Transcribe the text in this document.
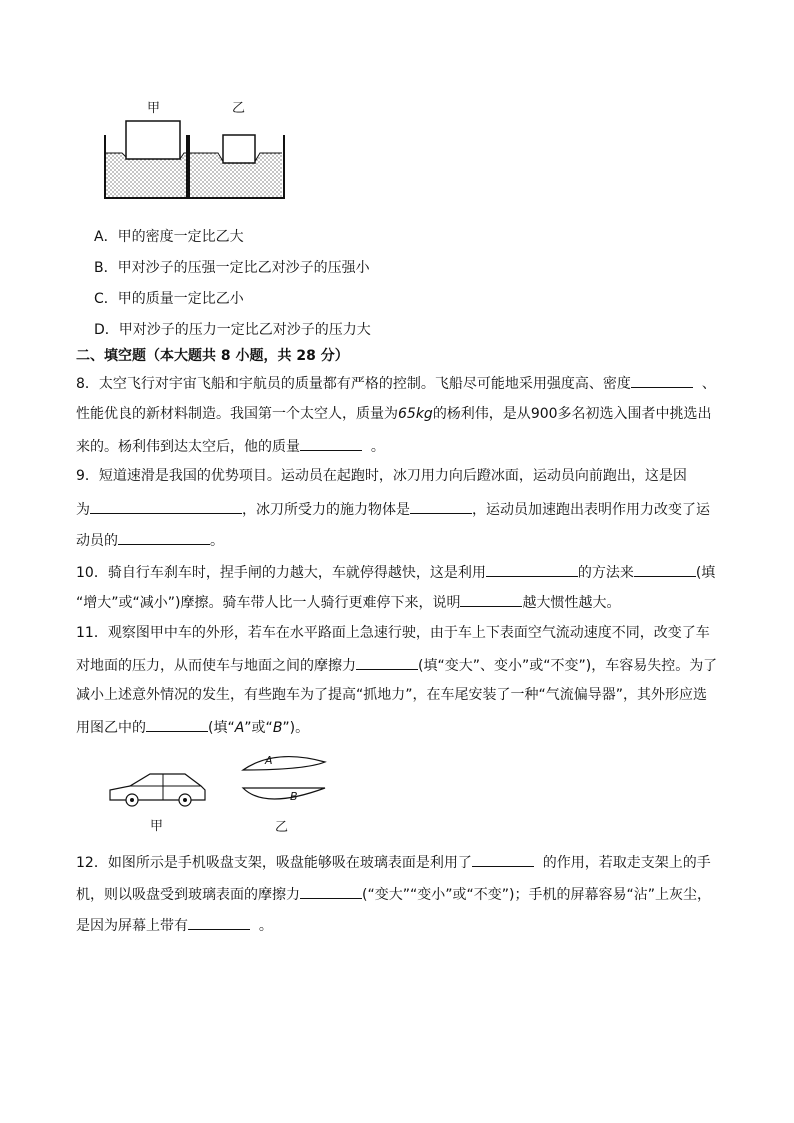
甲	乙
A．甲的密度一定比乙大
B．甲对沙子的压强一定比乙对沙子的压强小
C．甲的质量一定比乙小
D．甲对沙子的压力一定比乙对沙子的压力大
二、填空题（本大题共 8 小题，共 28 分）
8．太空飞行对宇宙飞船和宇航员的质量都有严格的控制。飞船尽可能地采用强度高、密度	、
性能优良的新材料制造。我国第一个太空人，质量为65kg的杨利伟，是从900多名初选入围者中挑选出
来的。杨利伟到达太空后，他的质量	。
9．短道速滑是我国的优势项目。运动员在起跑时，冰刀用力向后蹬冰面，运动员向前跑出，这是因
为	，冰刀所受力的施力物体是	，运动员加速跑出表明作用力改变了运
动员的	。
10．骑自行车刹车时，捏手闸的力越大，车就停得越快，这是利用	的方法来	(填
“增大”或“减小”)摩擦。骑车带人比一人骑行更难停下来，说明	越大惯性越大。
11．观察图甲中车的外形，若车在水平路面上急速行驶，由于车上下表面空气流动速度不同，改变了车
对地面的压力，从而使车与地面之间的摩擦力	(填“变大”、变小”或“不变”)，车容易失控。为了
减小上述意外情况的发生，有些跑车为了提高“抓地力”，在车尾安装了一种“气流偏导器”，其外形应选
用图乙中的	(填“A”或“B”)。
A
B
甲	乙
12．如图所示是手机吸盘支架，吸盘能够吸在玻璃表面是利用了	的作用，若取走支架上的手
机，则以吸盘受到玻璃表面的摩擦力	(“变大”“变小”或“不变”)；手机的屏幕容易“沾”上灰尘，
是因为屏幕上带有	。
